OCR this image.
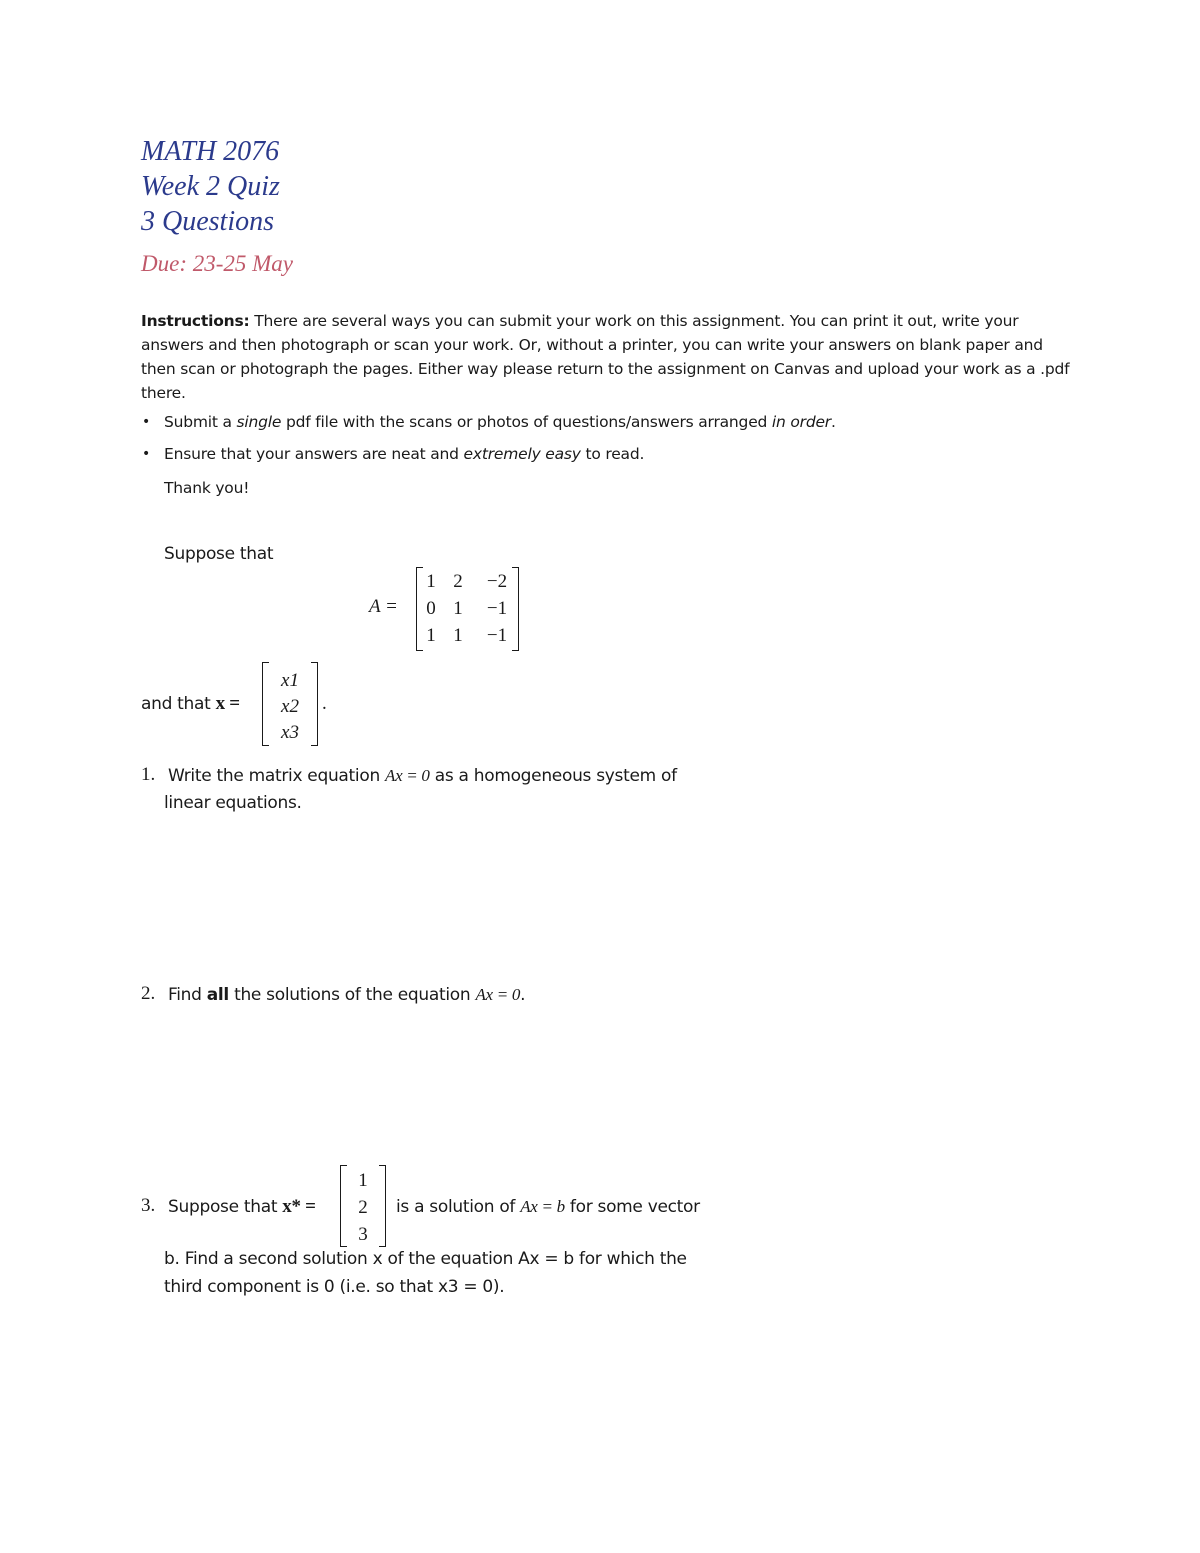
MATH 2076
Week 2 Quiz
3 Questions
Due: 23-25 May
Instructions: There are several ways you can submit your work on this assignment. You can print it out, write your answers and then photograph or scan your work. Or, without a printer, you can write your answers on blank paper and then scan or photograph the pages. Either way please return to the assignment on Canvas and upload your work as a .pdf there.
• Submit a single pdf file with the scans or photos of questions/answers arranged in order.
• Ensure that your answers are neat and extremely easy to read.
Thank you!
Suppose that
A =
1 2	−2
0 1	−1
1 1	−1
and that x =
x1
x2
x3
.
1. Write the matrix equation Ax = 0 as a homogeneous system of
linear equations.
2. Find all the solutions of the equation Ax = 0.
3. Suppose that x* =
1
2
3
is a solution of Ax = b for some vector
b. Find a second solution x of the equation Ax = b for which the
third component is 0 (i.e. so that x3 = 0).
